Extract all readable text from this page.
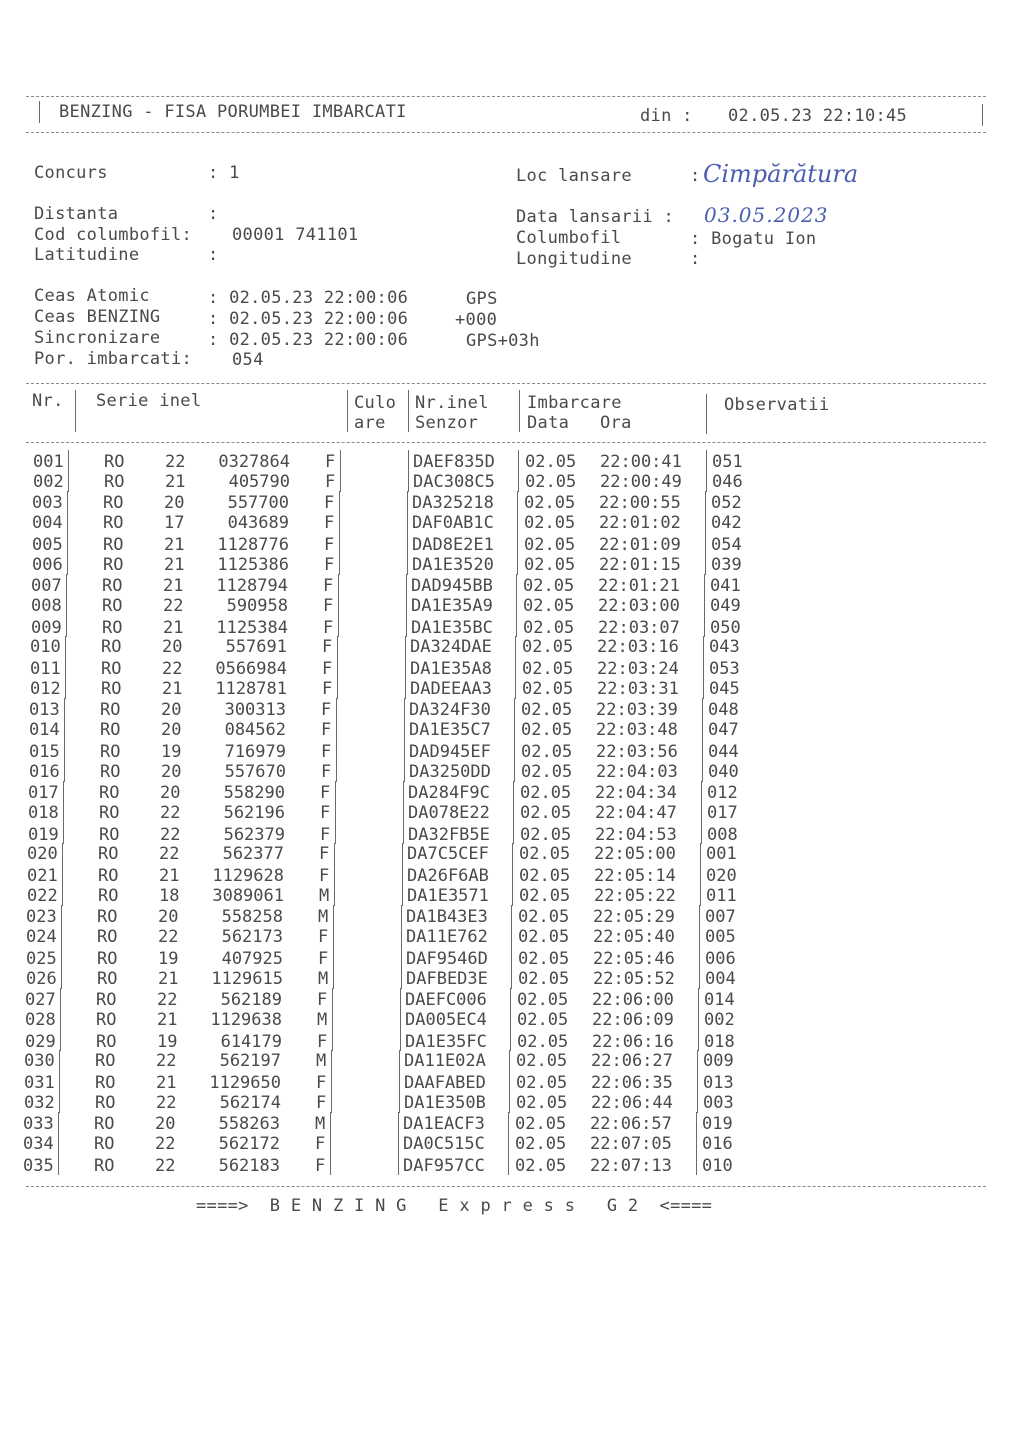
BENZING - FISA PORUMBEI IMBARCATI	din : 02.05.23 22:10:45
Concurs	: 1
Distanta	:
Cod columbofil: 00001 741101
Latitudine	:
Loc lansare	: Cimpărătura
Data lansarii : 03.05.2023
Columbofil	: Bogatu Ion
Longitudine	:
Ceas Atomic	: 02.05.23 22:00:06	GPS
Ceas BENZING	: 02.05.23 22:00:06	+000
Sincronizare	: 02.05.23 22:00:06	GPS+03h
Por. imbarcati: 054
Nr. Serie inel	Culo
are
Nr.inel
Senzor
Imbarcare
Data Ora
Observatii
001 RO 22 0327864 F	DAEF835D 02.05 22:00:41 051
002 RO 21	405790 F	DAC308C5 02.05 22:00:49 046
003 RO 20	557700 F	DA325218 02.05 22:00:55 052
004 RO 17	043689 F	DAF0AB1C 02.05 22:01:02 042
005 RO 21 1128776 F	DAD8E2E1 02.05 22:01:09 054
006 RO 21 1125386 F	DA1E3520 02.05 22:01:15 039
007 RO 21 1128794 F	DAD945BB 02.05 22:01:21 041
008 RO 22	590958 F	DA1E35A9 02.05 22:03:00 049
009 RO 21 1125384 F	DA1E35BC 02.05 22:03:07 050
010 RO 20	557691 F	DA324DAE 02.05 22:03:16 043
011 RO 22 0566984 F	DA1E35A8 02.05 22:03:24 053
012 RO 21 1128781 F	DADEEAA3 02.05 22:03:31 045
013 RO 20	300313 F	DA324F30 02.05 22:03:39 048
014 RO 20	084562 F	DA1E35C7 02.05 22:03:48 047
015 RO 19	716979 F	DAD945EF 02.05 22:03:56 044
016 RO 20	557670 F	DA3250DD 02.05 22:04:03 040
017 RO 20	558290 F	DA284F9C 02.05 22:04:34 012
018 RO 22	562196 F	DA078E22 02.05 22:04:47 017
019 RO 22	562379 F	DA32FB5E 02.05 22:04:53 008
020 RO 22	562377 F	DA7C5CEF 02.05 22:05:00 001
021 RO 21 1129628 F	DA26F6AB 02.05 22:05:14 020
022 RO 18 3089061 M	DA1E3571 02.05 22:05:22 011
023 RO 20	558258 M	DA1B43E3 02.05 22:05:29 007
024 RO 22	562173 F	DA11E762 02.05 22:05:40 005
025 RO 19	407925 F	DAF9546D 02.05 22:05:46 006
026 RO 21 1129615 M	DAFBED3E 02.05 22:05:52 004
027 RO 22	562189 F	DAEFC006 02.05 22:06:00 014
028 RO 21 1129638 M	DA005EC4 02.05 22:06:09 002
029 RO 19	614179 F	DA1E35FC 02.05 22:06:16 018
030 RO 22	562197 M	DA11E02A 02.05 22:06:27 009
031 RO 21 1129650 F	DAAFABED 02.05 22:06:35 013
032 RO 22	562174 F	DA1E350B 02.05 22:06:44 003
033 RO 20	558263 M	DA1EACF3 02.05 22:06:57 019
034 RO 22	562172 F	DA0C515C 02.05 22:07:05 016
035 RO 22	562183 F	DAF957CC 02.05 22:07:13 010
====>  B E N Z I N G   E x p r e s s   G 2  <====
